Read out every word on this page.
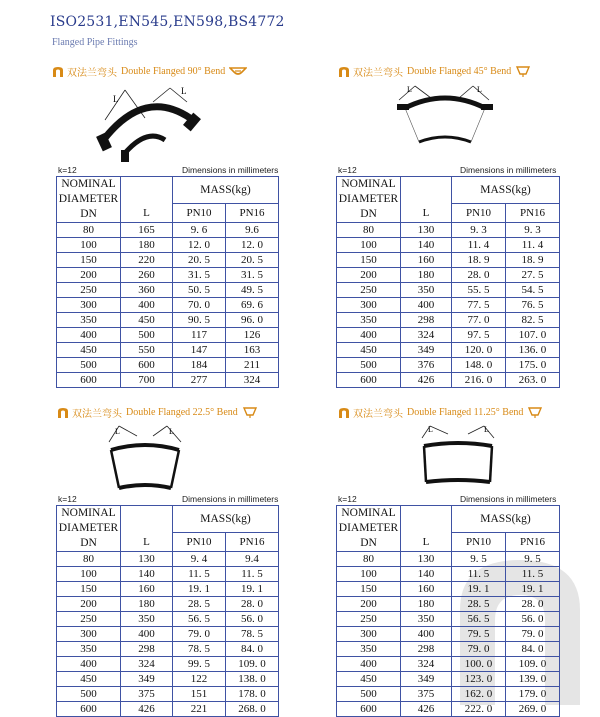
ISO2531,EN545,EN598,BS4772
Flanged Pipe Fittings
双法兰弯头 Double Flanged 90° Bend
L
L
k=12	Dimensions in millimeters
双法兰弯头 Double Flanged 45° Bend
L	L
k=12	Dimensions in millimeters
双法兰弯头 Double Flanged 22.5° Bend
L	L
k=12	Dimensions in millimeters
双法兰弯头 Double Flanged 11.25° Bend
L	L
k=12	Dimensions in millimeters
NOMINAL
DIAMETER
DN	L	MASS(kg)	
		PN10	PN16
80	165	9. 6	9.6
100	180	12. 0	12. 0
150	220	20. 5	20. 5
200	260	31. 5	31. 5
250	360	50. 5	49. 5
300	400	70. 0	69. 6
350	450	90. 5	96. 0
400	500	117	126
450	550	147	163
500	600	184	211
600	700	277	324
NOMINAL
DIAMETER
DN	L	MASS(kg)	
		PN10	PN16
80	130	9. 3	9. 3
100	140	11. 4	11. 4
150	160	18. 9	18. 9
200	180	28. 0	27. 5
250	350	55. 5	54. 5
300	400	77. 5	76. 5
350	298	77. 0	82. 5
400	324	97. 5	107. 0
450	349	120. 0	136. 0
500	376	148. 0	175. 0
600	426	216. 0	263. 0
NOMINAL
DIAMETER
DN	L	MASS(kg)	
		PN10	PN16
80	130	9. 4	9.4
100	140	11. 5	11. 5
150	160	19. 1	19. 1
200	180	28. 5	28. 0
250	350	56. 5	56. 0
300	400	79. 0	78. 5
350	298	78. 5	84. 0
400	324	99. 5	109. 0
450	349	122	138. 0
500	375	151	178. 0
600	426	221	268. 0
NOMINAL
DIAMETER
DN	L	MASS(kg)	
		PN10	PN16
80	130	9. 5	9. 5
100	140	11. 5	11. 5
150	160	19. 1	19. 1
200	180	28. 5	28. 0
250	350	56. 5	56. 0
300	400	79. 5	79. 0
350	298	79. 0	84. 0
400	324	100. 0	109. 0
450	349	123. 0	139. 0
500	375	162. 0	179. 0
600	426	222. 0	269. 0
